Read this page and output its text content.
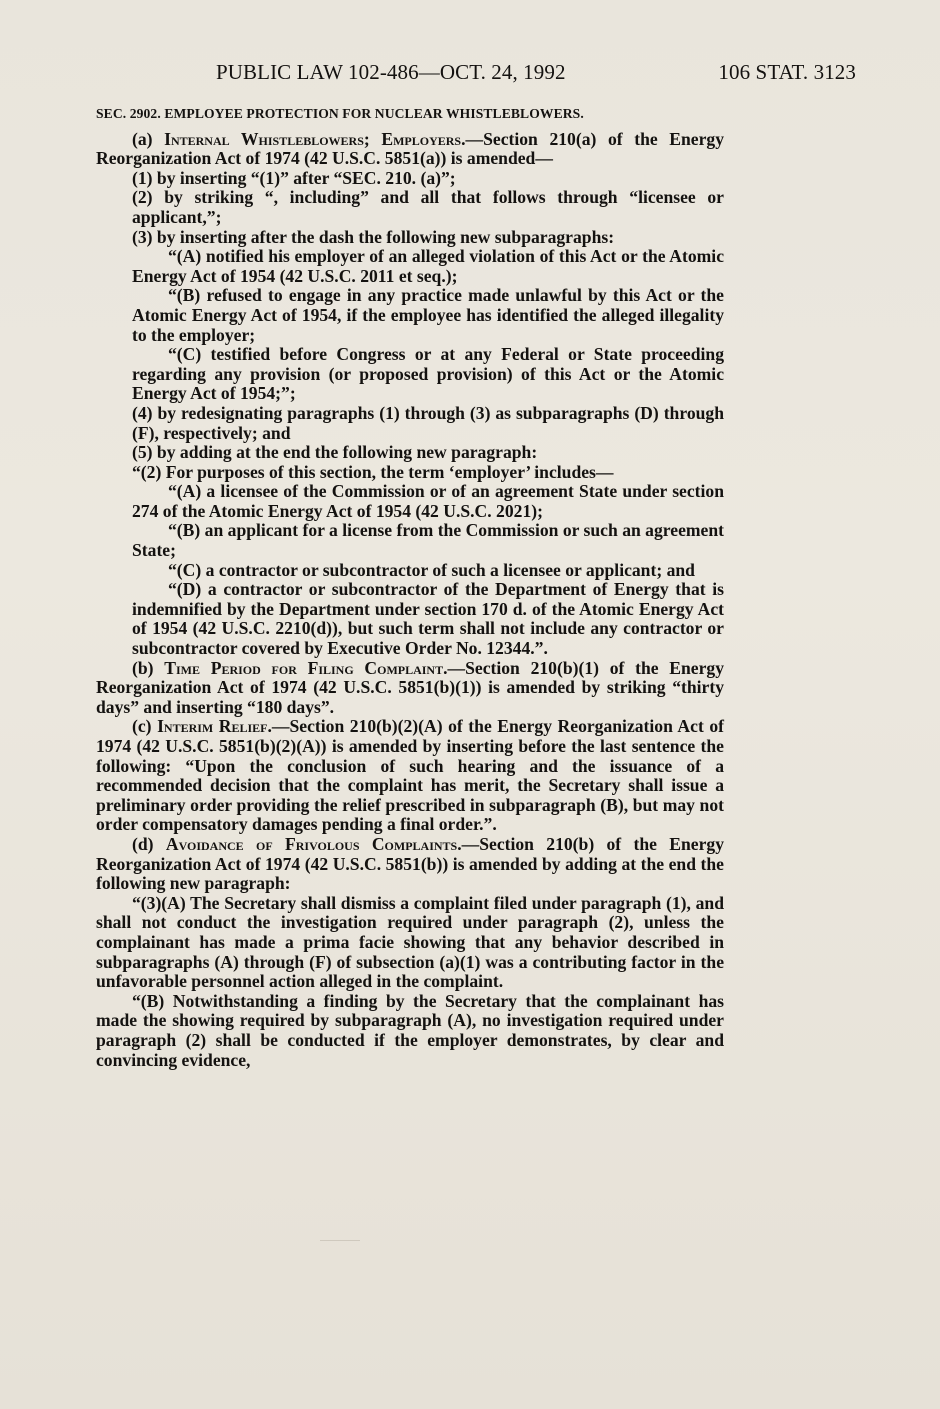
PUBLIC LAW 102-486—OCT. 24, 1992	106 STAT. 3123

SEC. 2902. EMPLOYEE PROTECTION FOR NUCLEAR WHISTLEBLOWERS.

(a) Internal Whistleblowers; Employers.—Section 210(a) of the Energy Reorganization Act of 1974 (42 U.S.C. 5851(a)) is amended—

(1) by inserting “(1)” after “SEC. 210. (a)”;

(2) by striking “, including” and all that follows through “licensee or applicant,”;

(3) by inserting after the dash the following new subparagraphs:

“(A) notified his employer of an alleged violation of this Act or the Atomic Energy Act of 1954 (42 U.S.C. 2011 et seq.);

“(B) refused to engage in any practice made unlawful by this Act or the Atomic Energy Act of 1954, if the employee has identified the alleged illegality to the employer;

“(C) testified before Congress or at any Federal or State proceeding regarding any provision (or proposed provision) of this Act or the Atomic Energy Act of 1954;”;

(4) by redesignating paragraphs (1) through (3) as subparagraphs (D) through (F), respectively; and

(5) by adding at the end the following new paragraph:

“(2) For purposes of this section, the term ‘employer’ includes—

“(A) a licensee of the Commission or of an agreement State under section 274 of the Atomic Energy Act of 1954 (42 U.S.C. 2021);

“(B) an applicant for a license from the Commission or such an agreement State;

“(C) a contractor or subcontractor of such a licensee or applicant; and

“(D) a contractor or subcontractor of the Department of Energy that is indemnified by the Department under section 170 d. of the Atomic Energy Act of 1954 (42 U.S.C. 2210(d)), but such term shall not include any contractor or subcontractor covered by Executive Order No. 12344.”.

(b) Time Period for Filing Complaint.—Section 210(b)(1) of the Energy Reorganization Act of 1974 (42 U.S.C. 5851(b)(1)) is amended by striking “thirty days” and inserting “180 days”.

(c) Interim Relief.—Section 210(b)(2)(A) of the Energy Reorganization Act of 1974 (42 U.S.C. 5851(b)(2)(A)) is amended by inserting before the last sentence the following: “Upon the conclusion of such hearing and the issuance of a recommended decision that the complaint has merit, the Secretary shall issue a preliminary order providing the relief prescribed in subparagraph (B), but may not order compensatory damages pending a final order.”.

(d) Avoidance of Frivolous Complaints.—Section 210(b) of the Energy Reorganization Act of 1974 (42 U.S.C. 5851(b)) is amended by adding at the end the following new paragraph:

“(3)(A) The Secretary shall dismiss a complaint filed under paragraph (1), and shall not conduct the investigation required under paragraph (2), unless the complainant has made a prima facie showing that any behavior described in subparagraphs (A) through (F) of subsection (a)(1) was a contributing factor in the unfavorable personnel action alleged in the complaint.

“(B) Notwithstanding a finding by the Secretary that the complainant has made the showing required by subparagraph (A), no investigation required under paragraph (2) shall be conducted if the employer demonstrates, by clear and convincing evidence,
